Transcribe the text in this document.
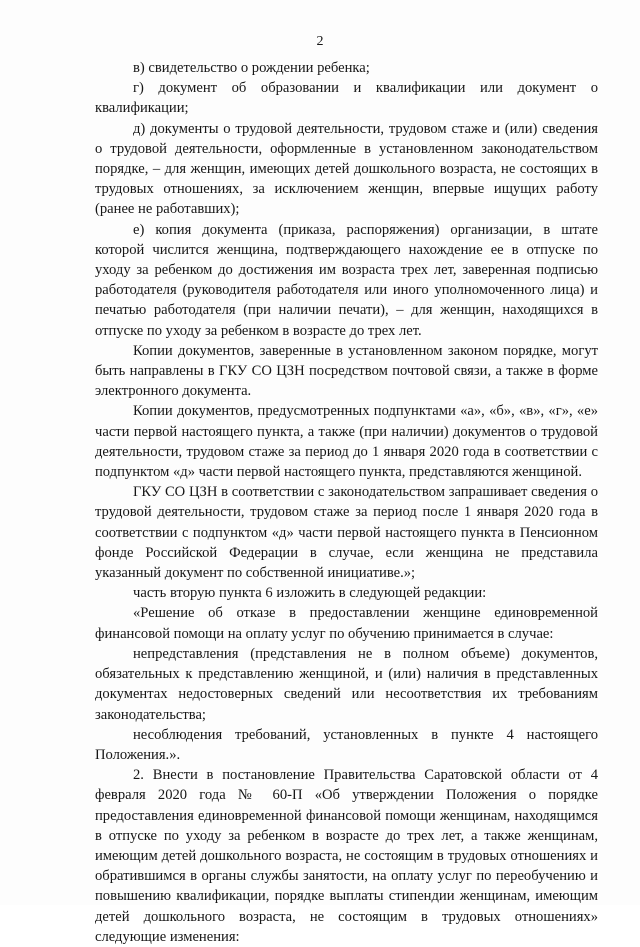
2

в) свидетельство о рождении ребенка;

г) документ об образовании и квалификации или документ о квалификации;

д) документы о трудовой деятельности, трудовом стаже и (или) сведения о трудовой деятельности, оформленные в установленном законодательством порядке, – для женщин, имеющих детей дошкольного возраста, не состоящих в трудовых отношениях, за исключением женщин, впервые ищущих работу (ранее не работавших);

е) копия документа (приказа, распоряжения) организации, в штате которой числится женщина, подтверждающего нахождение ее в отпуске по уходу за ребенком до достижения им возраста трех лет, заверенная подписью работодателя (руководителя работодателя или иного уполномоченного лица) и печатью работодателя (при наличии печати), – для женщин, находящихся в отпуске по уходу за ребенком в возрасте до трех лет.

Копии документов, заверенные в установленном законом порядке, могут быть направлены в ГКУ СО ЦЗН посредством почтовой связи, а также в форме электронного документа.

Копии документов, предусмотренных подпунктами «а», «б», «в», «г», «е» части первой настоящего пункта, а также (при наличии) документов о трудовой деятельности, трудовом стаже за период до 1 января 2020 года в соответствии с подпунктом «д» части первой настоящего пункта, представляются женщиной.

ГКУ СО ЦЗН в соответствии с законодательством запрашивает сведения о трудовой деятельности, трудовом стаже за период после 1 января 2020 года в соответствии с подпунктом «д» части первой настоящего пункта в Пенсионном фонде Российской Федерации в случае, если женщина не представила указанный документ по собственной инициативе.»;

часть вторую пункта 6 изложить в следующей редакции:

«Решение об отказе в предоставлении женщине единовременной финансовой помощи на оплату услуг по обучению принимается в случае:

непредставления (представления не в полном объеме) документов, обязательных к представлению женщиной, и (или) наличия в представленных документах недостоверных сведений или несоответствия их требованиям законодательства;

несоблюдения требований, установленных в пункте 4 настоящего Положения.».

2. Внести в постановление Правительства Саратовской области от 4 февраля 2020 года № 60-П «Об утверждении Положения о порядке предоставления единовременной финансовой помощи женщинам, находящимся в отпуске по уходу за ребенком в возрасте до трех лет, а также женщинам, имеющим детей дошкольного возраста, не состоящим в трудовых отношениях и обратившимся в органы службы занятости, на оплату услуг по переобучению и повышению квалификации, порядке выплаты стипендии женщинам, имеющим детей дошкольного возраста, не состоящим в трудовых отношениях» следующие изменения:
